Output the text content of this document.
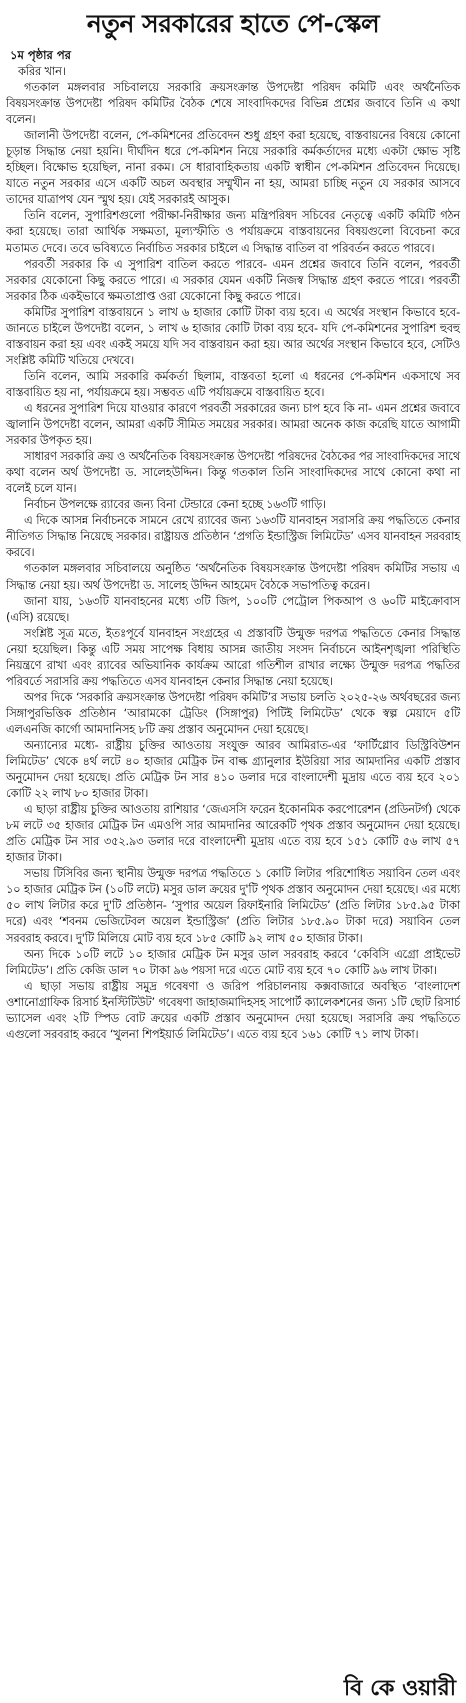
নতুন সরকারের হাতে পে-স্কেল
১ম পৃষ্ঠার পর

করির খান।

গতকাল মঙ্গলবার সচিবালয়ে সরকারি ক্রয়সংক্রান্ত উপদেষ্টা পরিষদ কমিটি এবং অর্থনৈতিক বিষয়সংক্রান্ত উপদেষ্টা পরিষদ কমিটির বৈঠক শেষে সাংবাদিকদের বিভিন্ন প্রশ্নের জবাবে তিনি এ কথা বলেন।

জালানী উপদেষ্টা বলেন, পে-কমিশনের প্রতিবেদন শুধু গ্রহণ করা হয়েছে, বাস্তবায়নের বিষয়ে কোনো চূড়ান্ত সিদ্ধান্ত নেয়া হয়নি। দীর্ঘদিন ধরে পে-কমিশন নিয়ে সরকারি কর্মকর্তাদের মধ্যে একটা ক্ষোভ সৃষ্টি হচ্ছিল। বিক্ষোভ হয়েছিল, নানা রকম। সে ধারাবাহিকতায় একটি স্বাধীন পে-কমিশন প্রতিবেদন দিয়েছে। যাতে নতুন সরকার এসে একটি অচল অবস্থার সম্মুখীন না হয়, আমরা চাচ্ছি নতুন যে সরকার আসবে তাদের যাত্রাপথ যেন স্মুথ হয়। যেই সরকারই আসুক।

তিনি বলেন, সুপারিশগুলো পরীক্ষা-নিরীক্ষার জন্য মন্ত্রিপরিষদ সচিবের নেতৃত্বে একটি কমিটি গঠন করা হয়েছে। তারা আর্থিক সক্ষমতা, মূল্যস্ফীতি ও পর্যায়ক্রমে বাস্তবায়নের বিষয়গুলো বিবেচনা করে মতামত দেবে। তবে ভবিষ্যতে নির্বাচিত সরকার চাইলে এ সিদ্ধান্ত বাতিল বা পরিবর্তন করতে পারবে।

পরবর্তী সরকার কি এ সুপারিশ বাতিল করতে পারবে- এমন প্রশ্নের জবাবে তিনি বলেন, পরবর্তী সরকার যেকোনো কিছু করতে পারে। এ সরকার যেমন একটি নিজস্ব সিদ্ধান্ত গ্রহণ করতে পারে। পরবর্তী সরকার ঠিক একইভাবে ক্ষমতাপ্রাপ্ত ওরা যেকোনো কিছু করতে পারে।

কমিটির সুপারিশ বাস্তবায়নে ১ লাখ ৬ হাজার কোটি টাকা ব্যয় হবে। এ অর্থের সংস্থান কিভাবে হবে- জানতে চাইলে উপদেষ্টা বলেন, ১ লাখ ৬ হাজার কোটি টাকা ব্যয় হবে- যদি পে-কমিশনের সুপারিশ হুবহু বাস্তবায়ন করা হয় এবং একই সময়ে যদি সব বাস্তবায়ন করা হয়। আর অর্থের সংস্থান কিভাবে হবে, সেটিও সংশ্লিষ্ট কমিটি খতিয়ে দেখবে।

তিনি বলেন, আমি সরকারি কর্মকর্তা ছিলাম, বাস্তবতা হলো এ ধরনের পে-কমিশন একসাথে সব বাস্তবায়িত হয় না, পর্যায়ক্রমে হয়। সম্ভবত এটি পর্যায়ক্রমে বাস্তবায়িত হবে।

এ ধরনের সুপারিশ দিয়ে যাওয়ার কারণে পরবর্তী সরকারের জন্য চাপ হবে কি না- এমন প্রশ্নের জবাবে জ্বালানি উপদেষ্টা বলেন, আমরা একটি সীমিত সময়ের সরকার। আমরা অনেক কাজ করেছি যাতে আগামী সরকার উপকৃত হয়।

সাধারণ সরকারি ক্রয় ও অর্থনৈতিক বিষয়সংক্রান্ত উপদেষ্টা পরিষদের বৈঠকের পর সাংবাদিকদের সাথে কথা বলেন অর্থ উপদেষ্টা ড. সালেহউদ্দিন। কিন্তু গতকাল তিনি সাংবাদিকদের সাথে কোনো কথা না বলেই চলে যান।

নির্বাচন উপলক্ষে র‌্যাবের জন্য বিনা টেন্ডারে কেনা হচ্ছে ১৬৩টি গাড়ি।

এ দিকে আসন্ন নির্বাচনকে সামনে রেখে র‌্যাবের জন্য ১৬৩টি যানবাহন সরাসরি ক্রয় পদ্ধতিতে কেনার নীতিগত সিদ্ধান্ত নিয়েছে সরকার। রাষ্ট্রায়ত্ত প্রতিষ্ঠান ‘প্রগতি ইন্ডাস্ট্রিজ লিমিটেড’ এসব যানবাহন সরবরাহ করবে।

গতকাল মঙ্গলবার সচিবালয়ে অনুষ্ঠিত ‘অর্থনৈতিক বিষয়সংক্রান্ত উপদেষ্টা পরিষদ কমিটির সভায় এ সিদ্ধান্ত নেয়া হয়। অর্থ উপদেষ্টা ড. সালেহ উদ্দিন আহমেদ বৈঠকে সভাপতিত্ব করেন।

জানা যায়, ১৬৩টি যানবাহনের মধ্যে ৩টি জিপ, ১০০টি পেট্রোল পিকআপ ও ৬০টি মাইক্রোবাস (এসি) রয়েছে।

সংশ্লিষ্ট সূত্র মতে, ইতঃপূর্বে যানবাহন সংগ্রহের এ প্রস্তাবটি উন্মুক্ত দরপত্র পদ্ধতিতে কেনার সিদ্ধান্ত নেয়া হয়েছিল। কিন্তু এটি সময় সাপেক্ষ বিধায় আসন্ন জাতীয় সংসদ নির্বাচনে আইনশৃঙ্খলা পরিস্থিতি নিয়ন্ত্রণে রাখা এবং র‌্যাবের অভিযানিক কার্যক্রম আরো গতিশীল রাখার লক্ষ্যে উন্মুক্ত দরপত্র পদ্ধতির পরিবর্তে সরাসরি ক্রয় পদ্ধতিতে এসব যানবাহন কেনার সিদ্ধান্ত নেয়া হয়েছে।

অপর দিকে ‘সরকারি ক্রয়সংক্রান্ত উপদেষ্টা পরিষদ কমিটি’র সভায় চলতি ২০২৫-২৬ অর্থবছরের জন্য সিঙ্গাপুরভিত্তিক প্রতিষ্ঠান ‘আরামকো ট্রেডিং (সিঙ্গাপুর) পিটিই লিমিটেড’ থেকে স্বল্প মেয়াদে ৫টি এলএনজি কার্গো আমদানিসহ ৮টি ক্রয় প্রস্তাব অনুমোদন দেয়া হয়েছে।

অন্যান্যের মধ্যে- রাষ্ট্রীয় চুক্তির আওতায় সংযুক্ত আরব আমিরাত-এর ‘ফার্টিগ্লোব ডিস্ট্রিবিউশন লিমিটেড’ থেকে ৪র্থ লটে ৪০ হাজার মেট্রিক টন বাল্ক গ্র্যানুলার ইউরিয়া সার আমদানির একটি প্রস্তাব অনুমোদন দেয়া হয়েছে। প্রতি মেট্রিক টন সার ৪১০ ডলার দরে বাংলাদেশী মুদ্রায় এতে ব্যয় হবে ২০১ কোটি ২২ লাখ ৮০ হাজার টাকা।

এ ছাড়া রাষ্ট্রীয় চুক্তির আওতায় রাশিয়ার ‘জেএসসি ফরেন ইকোনমিক করপোরেশন (প্রডিনটর্গ) থেকে ৮ম লটে ৩৫ হাজার মেট্রিক টন এমওপি সার আমদানির আরেকটি পৃথক প্রস্তাব অনুমোদন দেয়া হয়েছে। প্রতি মেট্রিক টন সার ৩৫২.৯৩ ডলার দরে বাংলাদেশী মুদ্রায় এতে ব্যয় হবে ১৫১ কোটি ৫৬ লাখ ৫৭ হাজার টাকা।

সভায় টিসিবির জন্য স্থানীয় উন্মুক্ত দরপত্র পদ্ধতিতে ১ কোটি লিটার পরিশোধিত সয়াবিন তেল এবং ১০ হাজার মেট্রিক টন (১০টি লটে) মসুর ডাল ক্রয়ের দু'টি পৃথক প্রস্তাব অনুমোদন দেয়া হয়েছে। এর মধ্যে ৫০ লাখ লিটার করে দু'টি প্রতিষ্ঠান- ‘সুপার অয়েল রিফাইনারি লিমিটেড’ (প্রতি লিটার ১৮৫.৯৫ টাকা দরে) এবং ‘শবনম ভেজিটেবল অয়েল ইন্ডাস্ট্রিজ’ (প্রতি লিটার ১৮৫.৯০ টাকা দরে) সয়াবিন তেল সরবরাহ করবে। দু'টি মিলিয়ে মোট ব্যয় হবে ১৮৫ কোটি ৯২ লাখ ৫০ হাজার টাকা।

অন্য দিকে ১০টি লটে ১০ হাজার মেট্রিক টন মসুর ডাল সরবরাহ করবে ‘কেবিসি এগ্রো প্রাইভেট লিমিটেড’। প্রতি কেজি ডাল ৭০ টাকা ৯৬ পয়সা দরে এতে মোট ব্যয় হবে ৭০ কোটি ৯৬ লাখ টাকা।

এ ছাড়া সভায় রাষ্ট্রীয় সমুদ্র গবেষণা ও জরিপ পরিচালনায় কক্সবাজারে অবস্থিত ‘বাংলাদেশ ওশানোগ্রাফিক রিসার্চ ইনস্টিটিউট’ গবেষণা জাহাজমাদিহসহ সাপোর্ট ক্যালেকশনের জন্য ১টি ছোট রিসার্চ ভ্যাসেল এবং ২টি স্পিড বোট ক্রয়ের একটি প্রস্তাব অনুমোদন দেয়া হয়েছে। সরাসরি ক্রয় পদ্ধতিতে এগুলো সরবরাহ করবে ‘খুলনা শিপইয়ার্ড লিমিটেড’। এতে ব্যয় হবে ১৬১ কোটি ৭১ লাখ টাকা।

বি কে ওয়ারী
